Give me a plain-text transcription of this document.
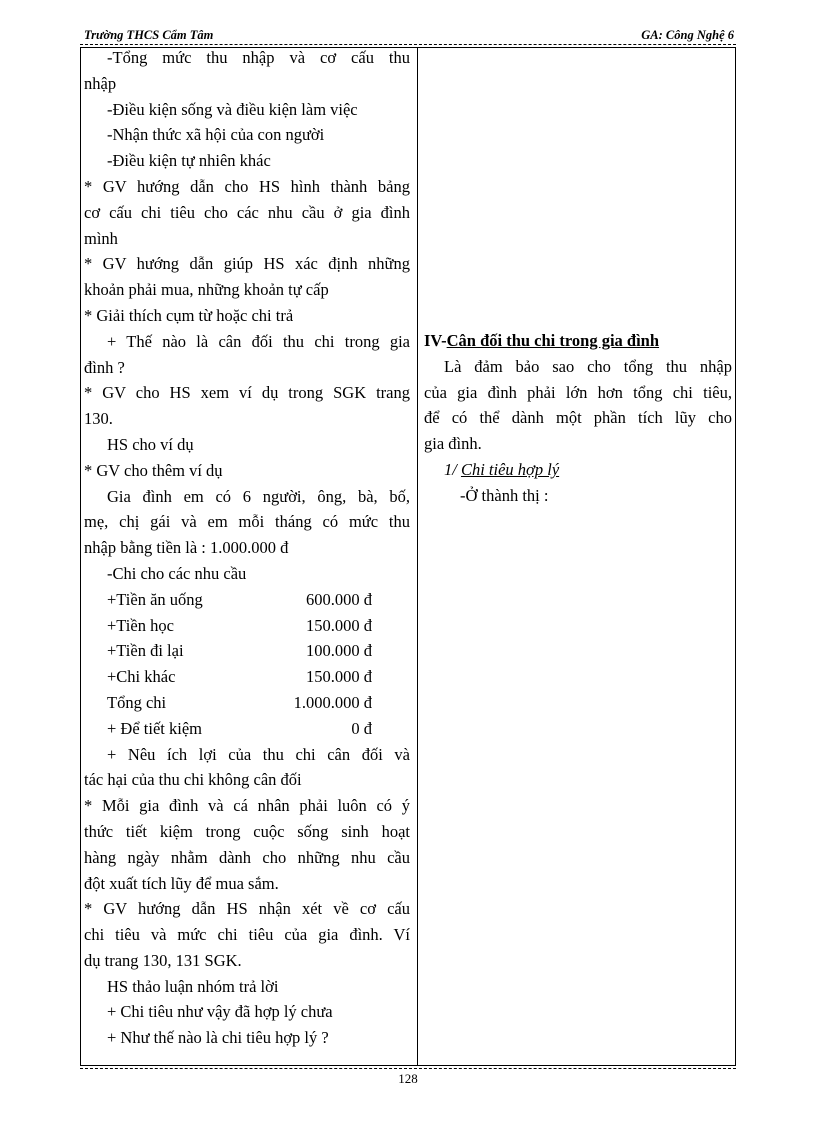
Trường THCS Cẩm Tâm	GA: Công Nghệ 6
-Tổng mức thu nhập và cơ cấu thu
nhập
-Điều kiện sống và điều kiện làm việc
-Nhận thức xã hội của con người
-Điều kiện tự nhiên khác
* GV hướng dẫn cho HS hình thành bảng
cơ cấu chi tiêu cho các nhu cầu ở gia đình
mình
* GV hướng dẫn giúp HS xác định những
khoản phải mua, những khoản tự cấp
* Giải thích cụm từ hoặc chi trả
+ Thế nào là cân đối thu chi trong gia
đình ?
* GV cho HS xem ví dụ trong SGK trang
130.
HS cho ví dụ
* GV cho thêm ví dụ
Gia đình em có 6 người, ông, bà, bố,
mẹ, chị gái và em mỗi tháng có mức thu
nhập bằng tiền là : 1.000.000 đ
-Chi cho các nhu cầu
+Tiền ăn uống	600.000 đ
+Tiền học	150.000 đ
+Tiền đi lại	100.000 đ
+Chi khác	150.000 đ
Tổng chi	1.000.000 đ
+ Để tiết kiệm	0 đ
+ Nêu ích lợi của thu chi cân đối và
tác hại của thu chi không cân đối
* Mỗi gia đình và cá nhân phải luôn có ý
thức tiết kiệm trong cuộc sống sinh hoạt
hàng ngày nhằm dành cho những nhu cầu
đột xuất tích lũy để mua sắm.
* GV hướng dẫn HS nhận xét về cơ cấu
chi tiêu và mức chi tiêu của gia đình. Ví
dụ trang 130, 131 SGK.
HS thảo luận nhóm trả lời
+ Chi tiêu như vậy đã hợp lý chưa
+ Như thế nào là chi tiêu hợp lý ?
IV-Cân đối thu chi trong gia đình
Là đảm bảo sao cho tổng thu nhập
của gia đình phải lớn hơn tổng chi tiêu,
để có thể dành một phần tích lũy cho
gia đình.
1/ Chi tiêu hợp lý
-Ở thành thị :
128
